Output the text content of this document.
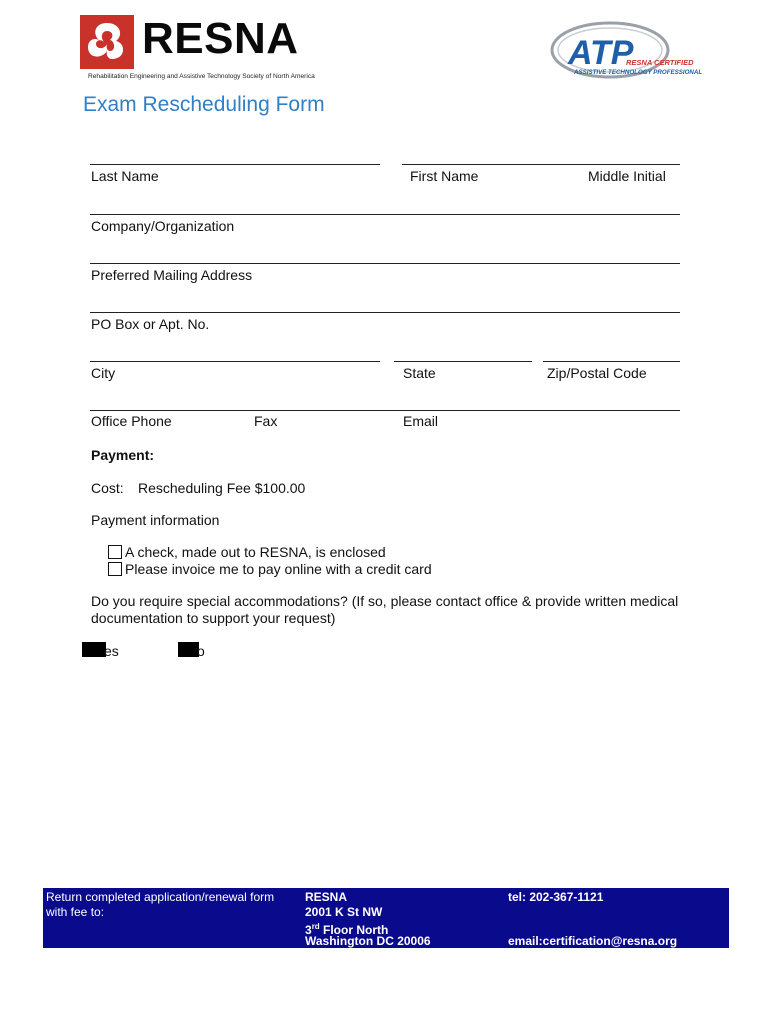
RESNA
Rehabilitation Engineering and Assistive Technology Society of North America
ATP
RESNA CERTIFIED
ASSISTIVE TECHNOLOGY PROFESSIONAL
Exam Rescheduling Form
Last Name	First Name	Middle Initial
Company/Organization
Preferred Mailing Address
PO Box or Apt. No.
City	State	Zip/Postal Code
Office Phone	Fax	Email
Payment:
Cost: Rescheduling Fee $100.00
Payment information
A check, made out to RESNA, is enclosed
Please invoice me to pay online with a credit card
Do you require special accommodations? (If so, please contact office & provide written medical
documentation to support your request)
es	o
Return completed application/renewal form
with fee to:
RESNA
2001 K St NW
3rd Floor North
Washington DC 20006
tel: 202-367-1121
email:certification@resna.org
